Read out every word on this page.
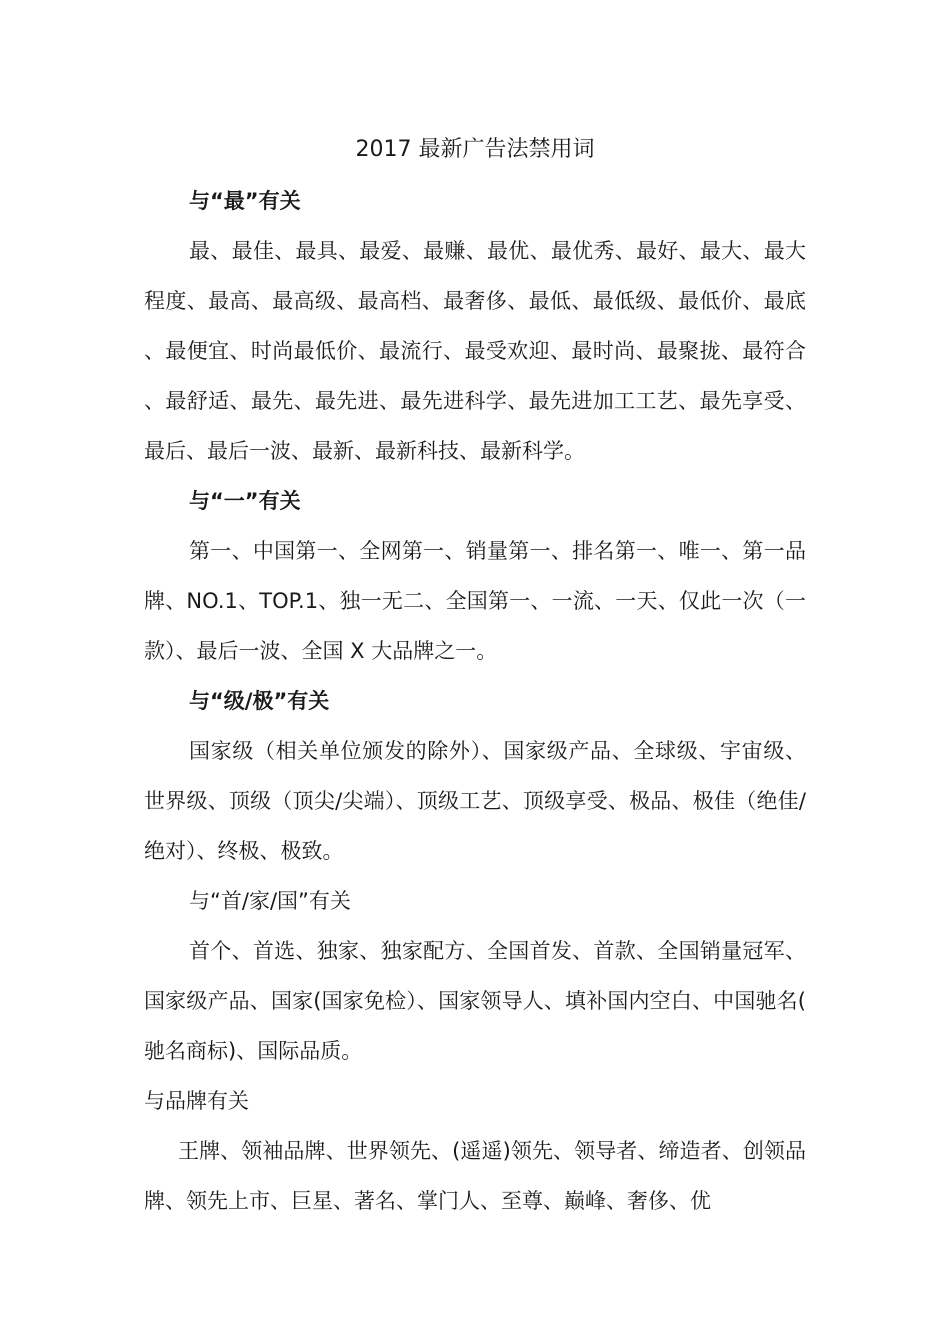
2017 最新广告法禁用词

与“最”有关

最、最佳、最具、最爱、最赚、最优、最优秀、最好、最大、最大程度、最高、最高级、最高档、最奢侈、最低、最低级、最低价、最底、最便宜、时尚最低价、最流行、最受欢迎、最时尚、最聚拢、最符合、最舒适、最先、最先进、最先进科学、最先进加工工艺、最先享受、最后、最后一波、最新、最新科技、最新科学。

与“一”有关

第一、中国第一、全网第一、销量第一、排名第一、唯一、第一品牌、NO.1、TOP.1、独一无二、全国第一、一流、一天、仅此一次（一款）、最后一波、全国 X 大品牌之一。

与“级/极”有关

国家级（相关单位颁发的除外）、国家级产品、全球级、宇宙级、世界级、顶级（顶尖/尖端）、顶级工艺、顶级享受、极品、极佳（绝佳/绝对）、终极、极致。

与“首/家/国”有关

首个、首选、独家、独家配方、全国首发、首款、全国销量冠军、国家级产品、国家(国家免检）、国家领导人、填补国内空白、中国驰名(驰名商标)、国际品质。

与品牌有关

王牌、领袖品牌、世界领先、(遥遥)领先、领导者、缔造者、创领品牌、领先上市、巨星、著名、掌门人、至尊、巅峰、奢侈、优
